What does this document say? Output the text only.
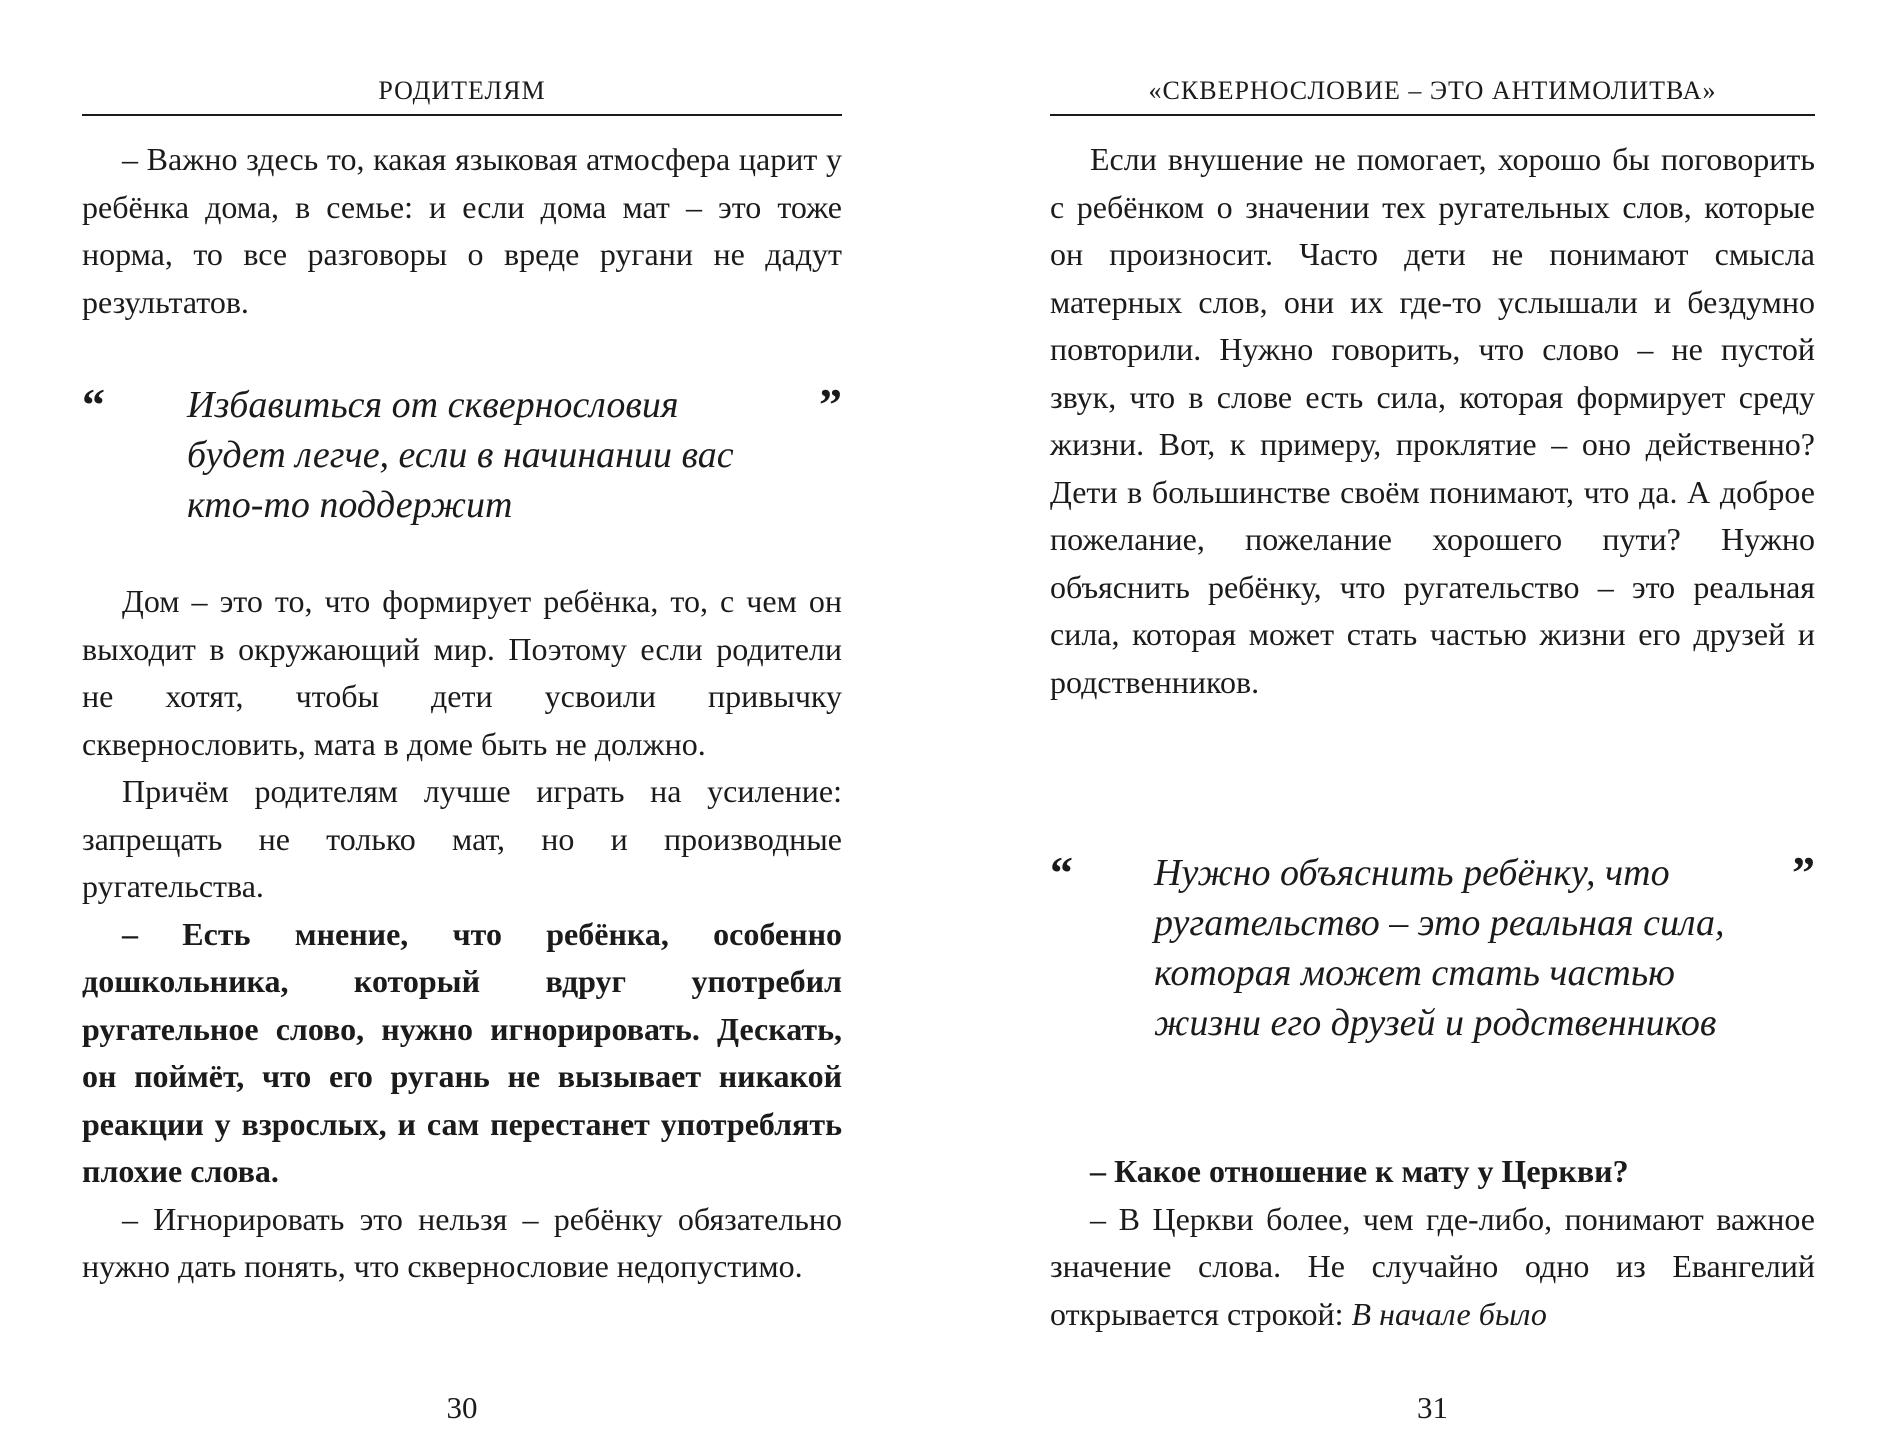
РОДИТЕЛЯМ

– Важно здесь то, какая языковая атмосфера царит у ребёнка дома, в семье: и если дома мат – это тоже норма, то все разговоры о вреде ругани не дадут результатов.

“ Избавиться от сквернословия будет легче, если в начинании вас кто-то поддержит
”

Дом – это то, что формирует ребёнка, то, с чем он выходит в окружающий мир. Поэтому если родители не хотят, чтобы дети усвоили привычку сквернословить, мата в доме быть не должно.

Причём родителям лучше играть на усиление: запрещать не только мат, но и производные ругательства.

– Есть мнение, что ребёнка, особенно дошкольника, который вдруг употребил ругательное слово, нужно игнорировать. Дескать, он поймёт, что его ругань не вызывает никакой реакции у взрослых, и сам перестанет употреблять плохие слова.

– Игнорировать это нельзя – ребёнку обязательно нужно дать понять, что сквернословие недопустимо.

30
«СКВЕРНОСЛОВИЕ – ЭТО АНТИМОЛИТВА»

Если внушение не помогает, хорошо бы поговорить с ребёнком о значении тех ругательных слов, которые он произносит. Часто дети не понимают смысла матерных слов, они их где-то услышали и бездумно повторили. Нужно говорить, что слово – не пустой звук, что в слове есть сила, которая формирует среду жизни. Вот, к примеру, проклятие – оно действенно? Дети в большинстве своём понимают, что да. А доброе пожелание, пожелание хорошего пути? Нужно объяснить ребёнку, что ругательство – это реальная сила, которая может стать частью жизни его друзей и родственников.

“ Нужно объяснить ребёнку, что ругательство – это реальная сила, которая может стать частью жизни его друзей и родственников
”

– Какое отношение к мату у Церкви?

– В Церкви более, чем где-либо, понимают важное значение слова. Не случайно одно из Евангелий открывается строкой: В начале было

31
